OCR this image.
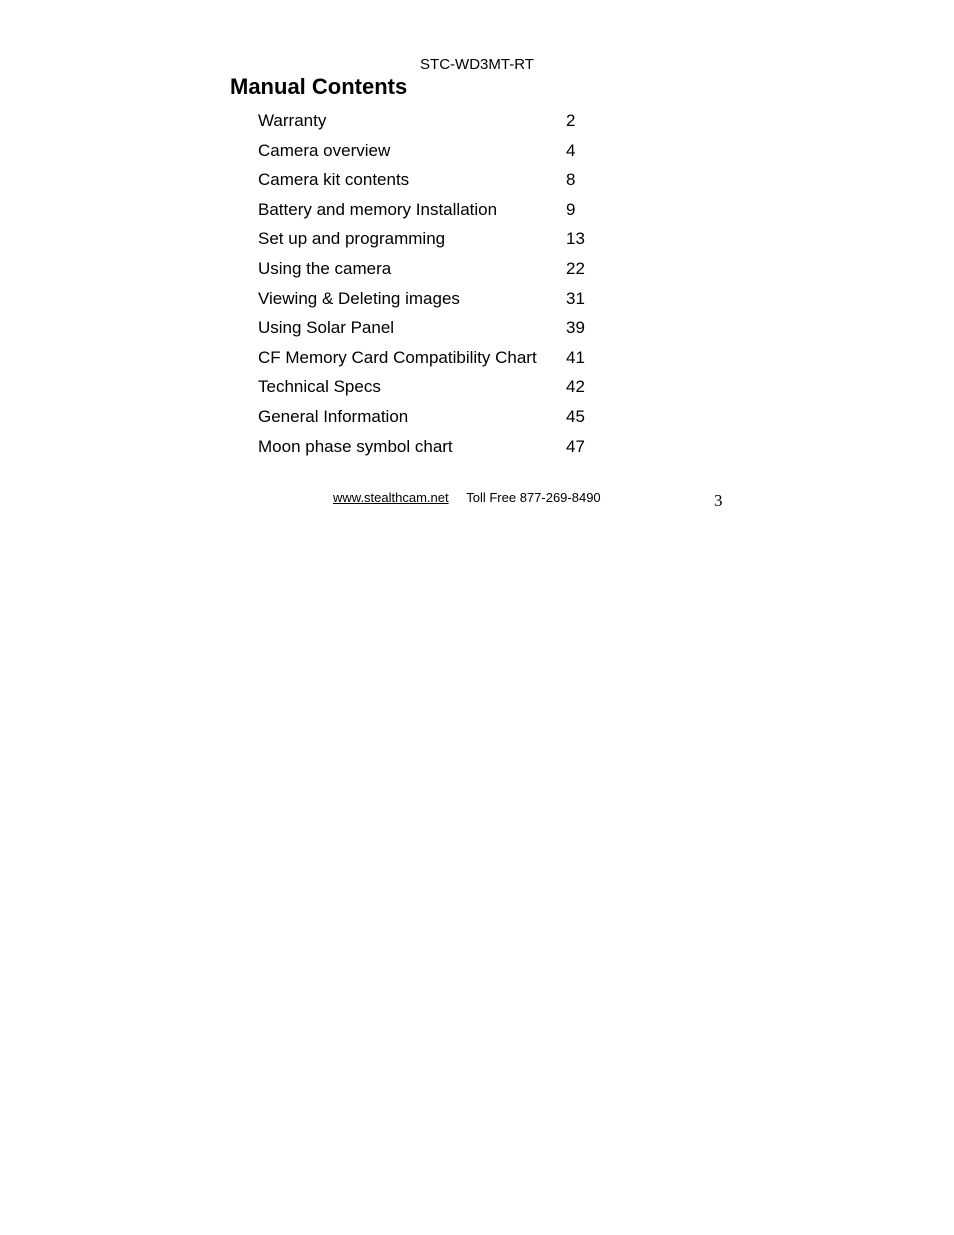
STC-WD3MT-RT
Manual Contents
Warranty	2
Camera overview	4
Camera kit contents	8
Battery and memory Installation	9
Set up and programming	13
Using the camera	22
Viewing & Deleting images	31
Using Solar Panel	39
CF Memory Card Compatibility Chart 41
Technical Specs	42
General Information	45
Moon phase symbol chart	47
www.stealthcam.net Toll Free 877-269-8490	3
